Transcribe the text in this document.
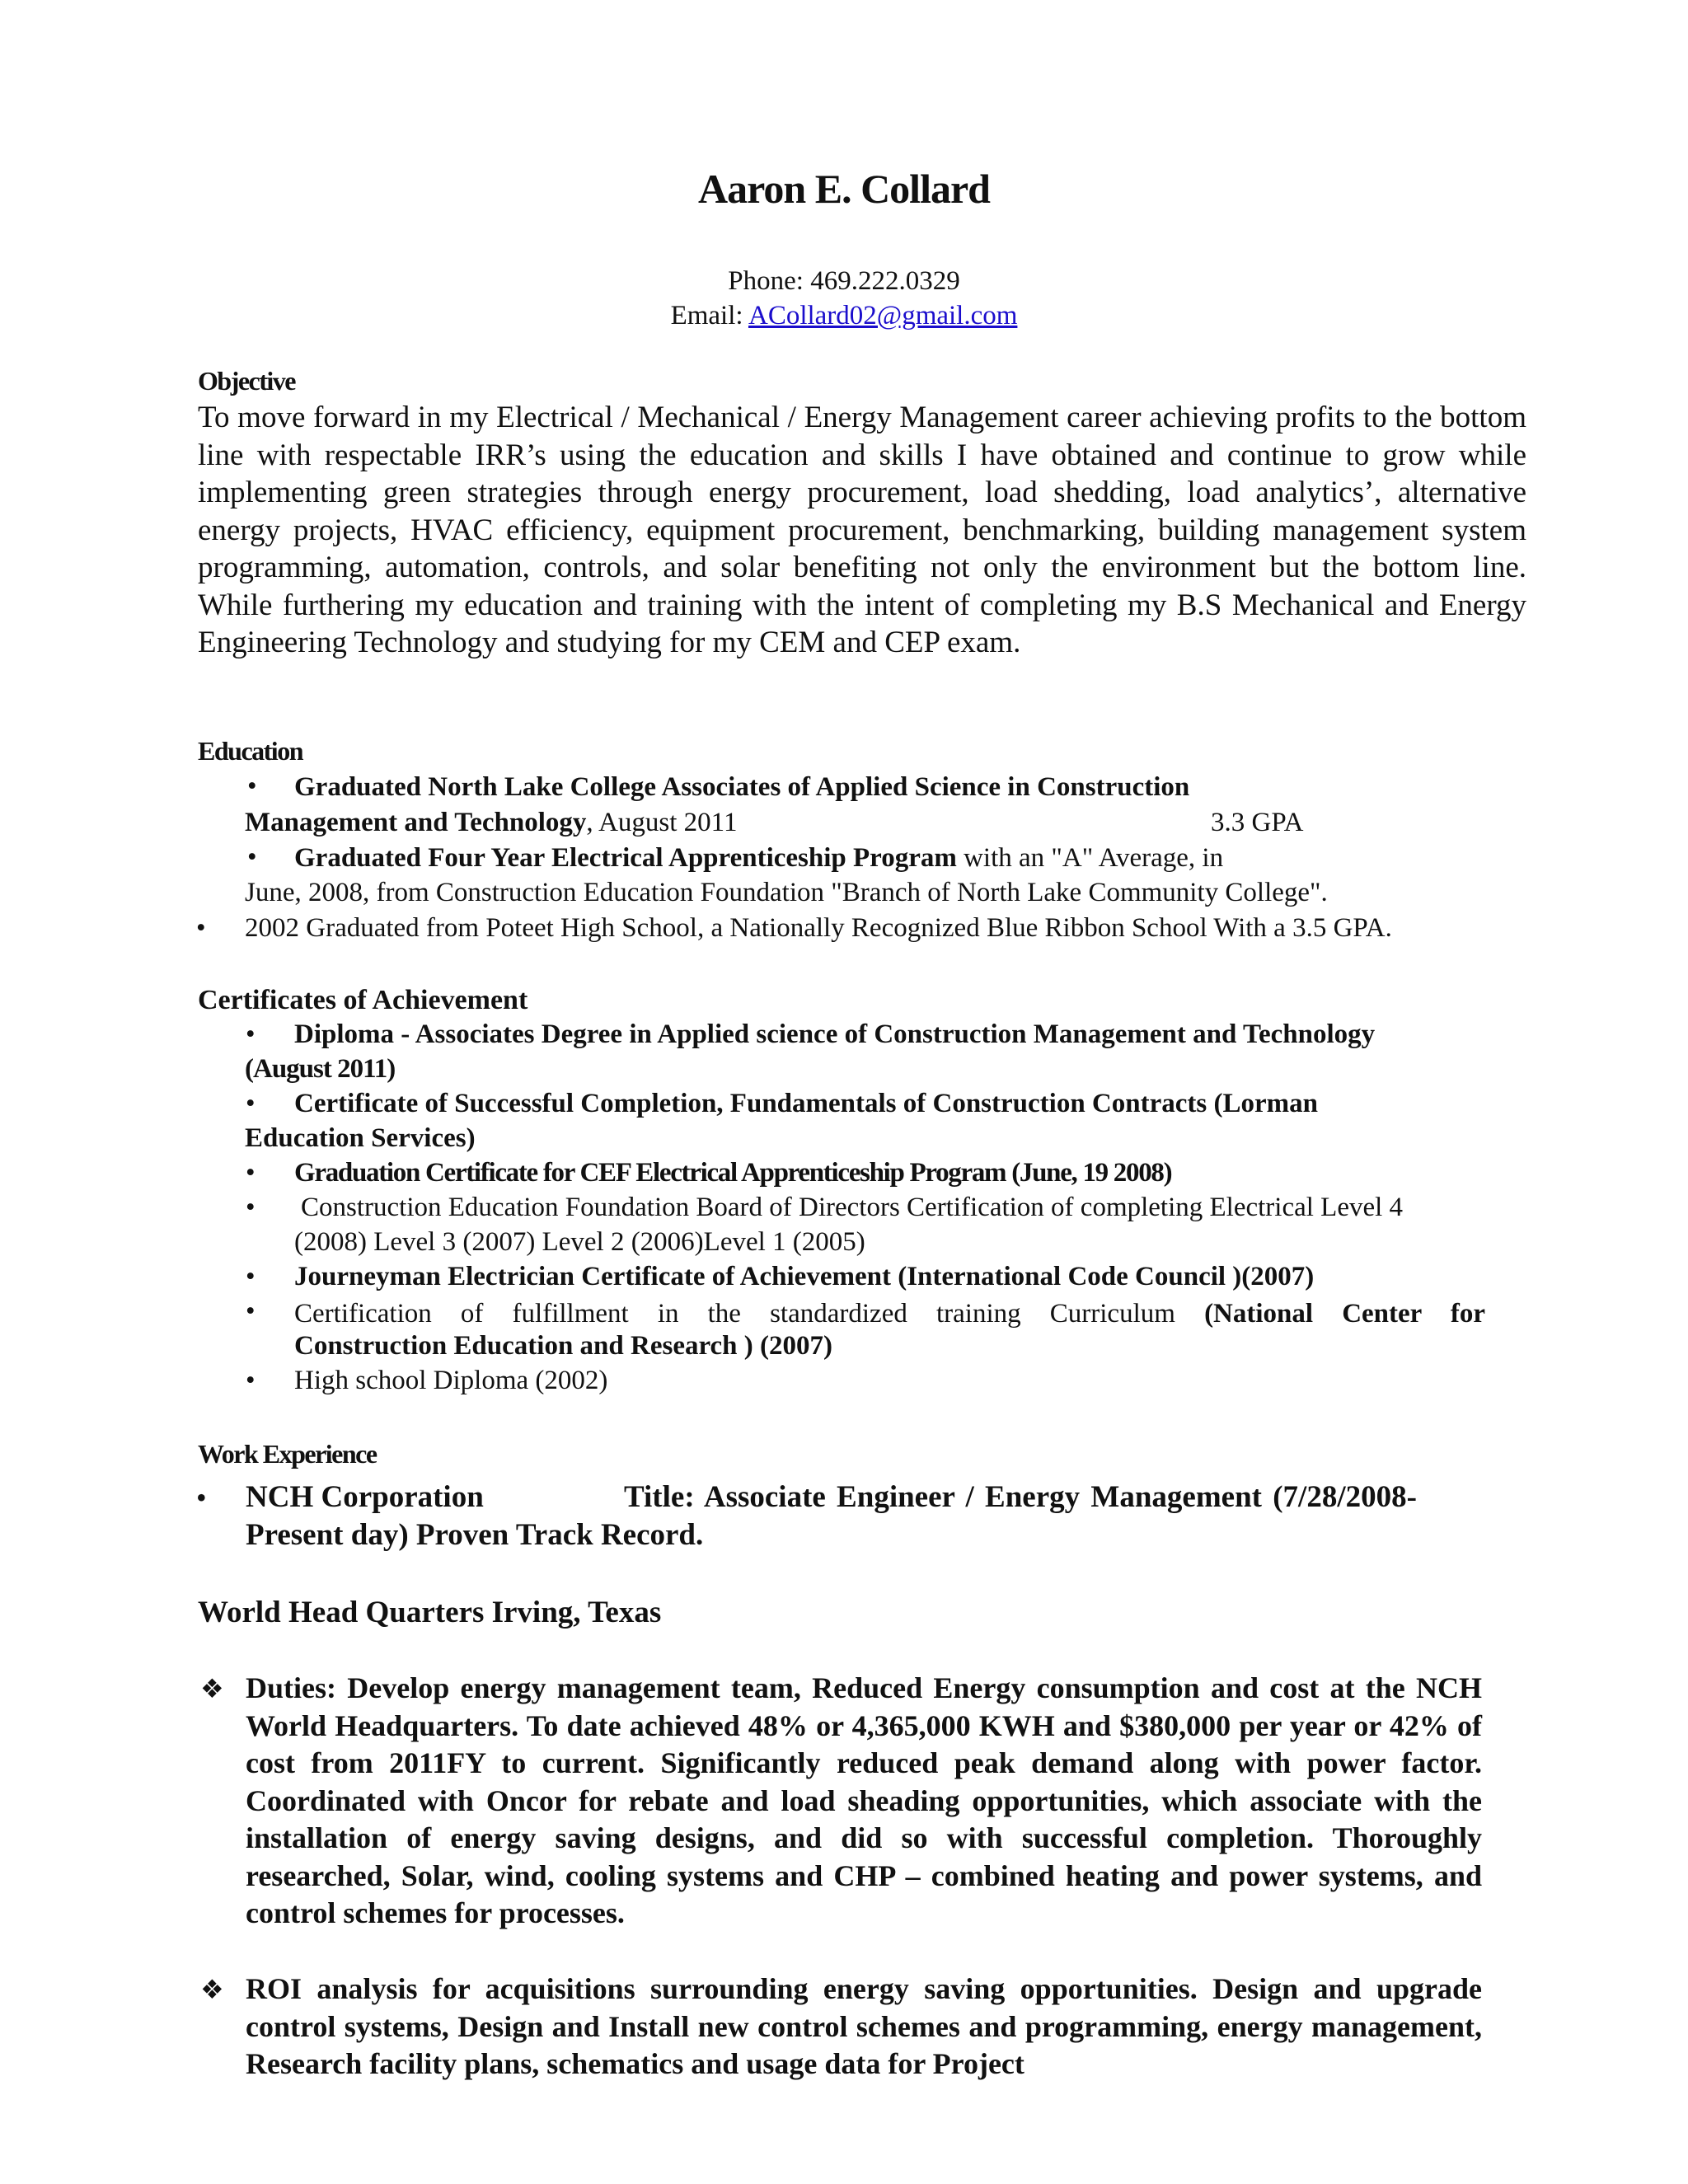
Aaron E. Collard
Phone: 469.222.0329
Email: ACollard02@gmail.com
Objective
To move forward in my Electrical / Mechanical / Energy Management career achieving profits to the bottom line with respectable IRR’s using the education and skills I have obtained and continue to grow while implementing green strategies through energy procurement, load shedding, load analytics’, alternative energy projects, HVAC efficiency, equipment procurement, benchmarking, building management system programming, automation, controls, and solar benefiting not only the environment but the bottom line. While furthering my education and training with the intent of completing my B.S Mechanical and Energy Engineering Technology and studying for my CEM and CEP exam.
Education
• Graduated North Lake College Associates of Applied Science in Construction
Management and Technology, August 2011	3.3 GPA
• Graduated Four Year Electrical Apprenticeship Program with an "A" Average, in
June, 2008, from Construction Education Foundation "Branch of North Lake Community College".
• 2002 Graduated from Poteet High School, a Nationally Recognized Blue Ribbon School With a 3.5 GPA.
Certificates of Achievement
• Diploma - Associates Degree in Applied science of Construction Management and Technology
(August 2011)
• Certificate of Successful Completion, Fundamentals of Construction Contracts (Lorman
Education Services)
• Graduation Certificate for CEF Electrical Apprenticeship Program (June, 19 2008)
• Construction Education Foundation Board of Directors Certification of completing Electrical Level 4
(2008) Level 3 (2007) Level 2 (2006)Level 1 (2005)
• Journeyman Electrician Certificate of Achievement (International Code Council )(2007)
• Certification of fulfillment in the standardized training Curriculum (National Center for
Construction Education and Research ) (2007)
• High school Diploma (2002)
Work Experience
• NCH Corporation	Title: Associate Engineer / Energy Management (7/28/2008-
Present day) Proven Track Record.
World Head Quarters Irving, Texas
❖ Duties: Develop energy management team, Reduced Energy consumption and cost at the NCH World Headquarters. To date achieved 48% or 4,365,000 KWH and $380,000 per year or 42% of cost from 2011FY to current. Significantly reduced peak demand along with power factor. Coordinated with Oncor for rebate and load sheading opportunities, which associate with the installation of energy saving designs, and did so with successful completion. Thoroughly researched, Solar, wind, cooling systems and CHP – combined heating and power systems, and control schemes for processes.
❖ ROI analysis for acquisitions surrounding energy saving opportunities. Design and upgrade control systems, Design and Install new control schemes and programming, energy management, Research facility plans, schematics and usage data for Project
